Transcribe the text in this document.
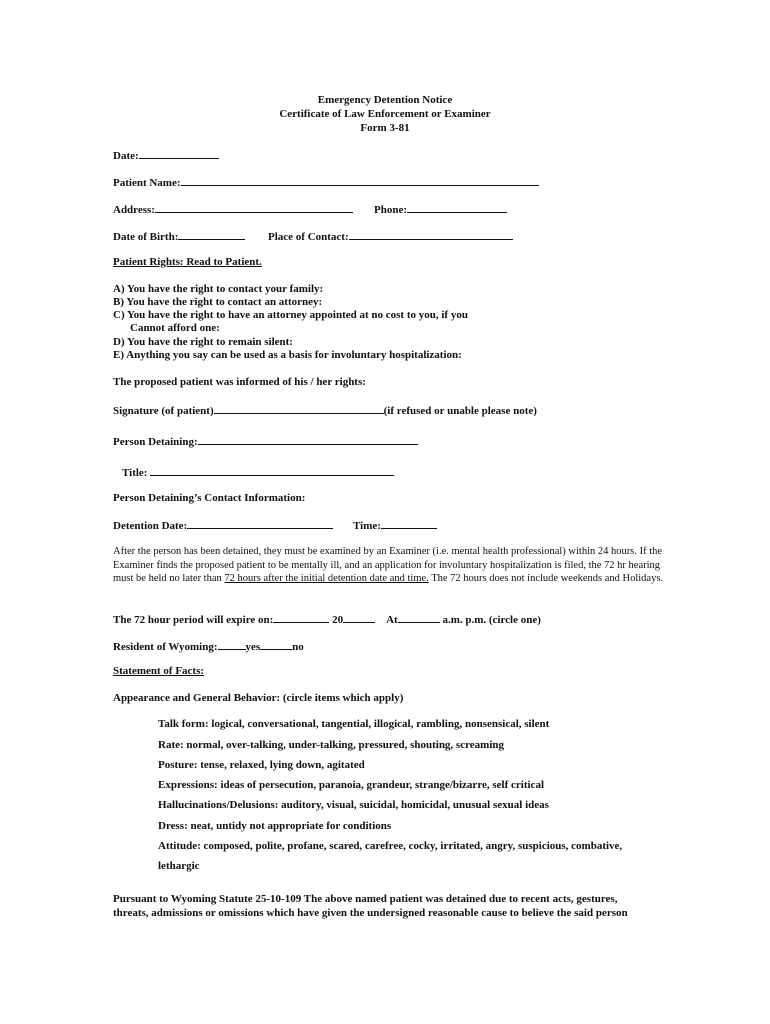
Emergency Detention Notice
Certificate of Law Enforcement or Examiner
Form 3-81
Date:
Patient Name:
Address:	Phone:
Date of Birth:	Place of Contact:
Patient Rights: Read to Patient.
A) You have the right to contact your family:
B) You have the right to contact an attorney:
C) You have the right to have an attorney appointed at no cost to you, if you
Cannot afford one:
D) You have the right to remain silent:
E) Anything you say can be used as a basis for involuntary hospitalization:
The proposed patient was informed of his / her rights:
Signature (of patient)	(if refused or unable please note)
Person Detaining:
Title:
Person Detaining’s Contact Information:
Detention Date:	Time:
After the person has been detained, they must be examined by an Examiner (i.e. mental health professional) within 24 hours. If the Examiner finds the proposed patient to be mentally ill, and an application for involuntary hospitalization is filed, the 72 hr hearing must be held no later than 72 hours after the initial detention date and time. The 72 hours does not include weekends and Holidays.
The 72 hour period will expire on:	20	At	a.m. p.m. (circle one)
Resident of Wyoming:	yes	no
Statement of Facts:
Appearance and General Behavior: (circle items which apply)
Talk form: logical, conversational, tangential, illogical, rambling, nonsensical, silent
Rate: normal, over-talking, under-talking, pressured, shouting, screaming
Posture: tense, relaxed, lying down, agitated
Expressions: ideas of persecution, paranoia, grandeur, strange/bizarre, self critical
Hallucinations/Delusions: auditory, visual, suicidal, homicidal, unusual sexual ideas
Dress: neat, untidy not appropriate for conditions
Attitude: composed, polite, profane, scared, carefree, cocky, irritated, angry, suspicious, combative,
lethargic
Pursuant to Wyoming Statute 25-10-109 The above named patient was detained due to recent acts, gestures,
threats, admissions or omissions which have given the undersigned reasonable cause to believe the said person
